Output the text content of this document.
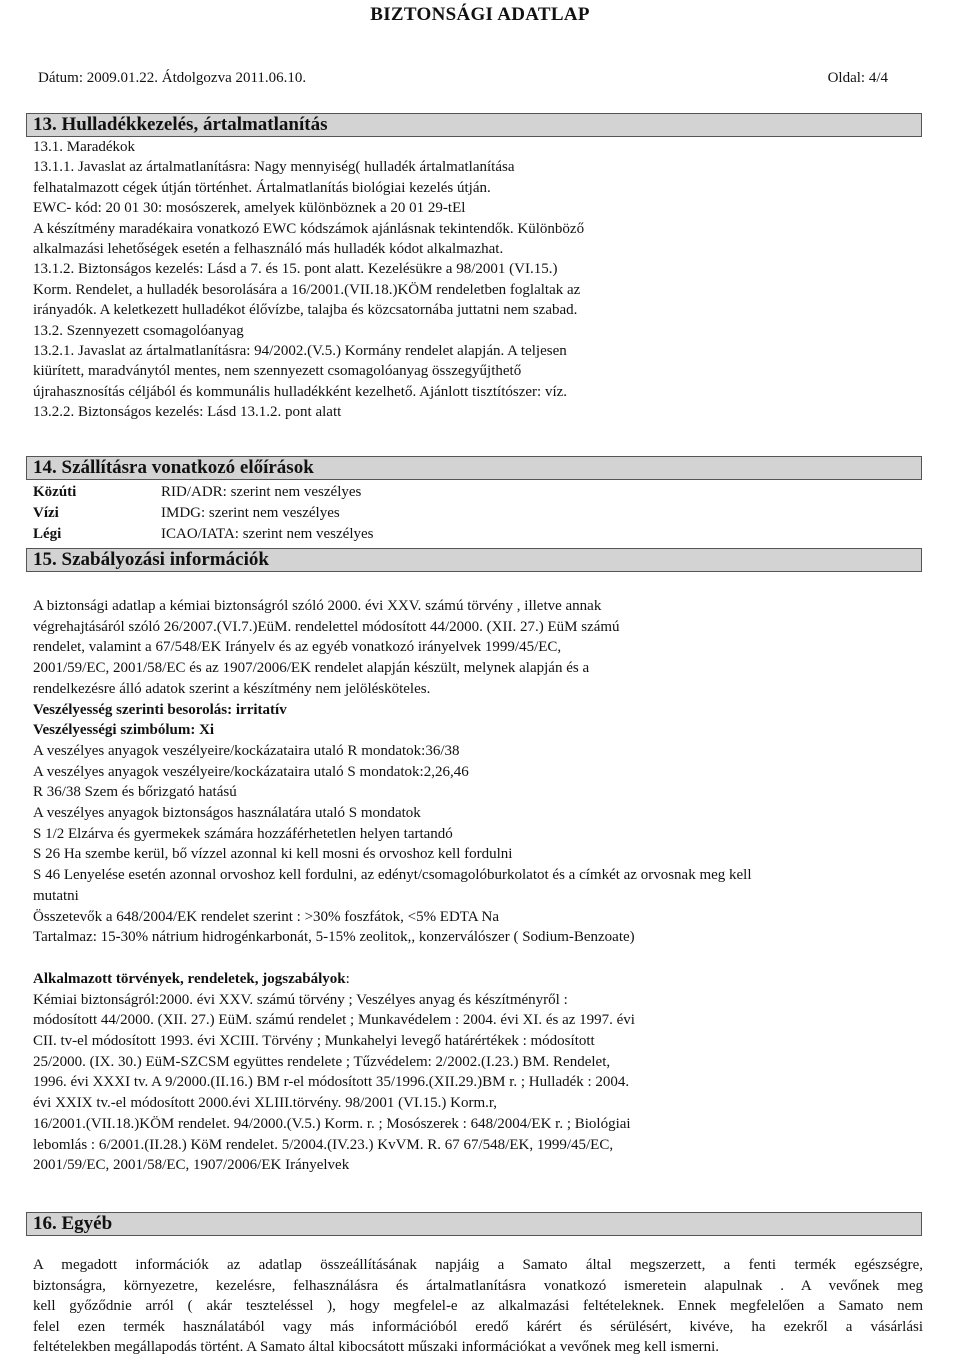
BIZTONSÁGI ADATLAP
Dátum: 2009.01.22. Átdolgozva 2011.06.10.	Oldal: 4/4
13. Hulladékkezelés, ártalmatlanítás

13.1. Maradékok

13.1.1. Javaslat az ártalmatlanításra: Nagy mennyiség( hulladék ártalmatlanítása

felhatalmazott cégek útján történhet. Ártalmatlanítás biológiai kezelés útján.

EWC- kód: 20 01 30: mosószerek, amelyek különböznek a 20 01 29-tEl

A készítmény maradékaira vonatkozó EWC kódszámok ajánlásnak tekintendők. Különböző

alkalmazási lehetőségek esetén a felhasználó más hulladék kódot alkalmazhat.

13.1.2. Biztonságos kezelés: Lásd a 7. és 15. pont alatt. Kezelésükre a 98/2001 (VI.15.)

Korm. Rendelet, a hulladék besorolására a 16/2001.(VII.18.)KÖM rendeletben foglaltak az

irányadók. A keletkezett hulladékot élővízbe, talajba és közcsatornába juttatni nem szabad.

13.2. Szennyezett csomagolóanyag

13.2.1. Javaslat az ártalmatlanításra: 94/2002.(V.5.) Kormány rendelet alapján. A teljesen

kiürített, maradványtól mentes, nem szennyezett csomagolóanyag összegyűjthető

újrahasznosítás céljából és kommunális hulladékként kezelhető. Ajánlott tisztítószer: víz.

13.2.2. Biztonságos kezelés: Lásd 13.1.2. pont alatt

14. Szállításra vonatkozó előírások
Közúti	RID/ADR: szerint nem veszélyes
Vízi	IMDG: szerint nem veszélyes
Légi	ICAO/IATA: szerint nem veszélyes
15. Szabályozási információk

A biztonsági adatlap a kémiai biztonságról szóló 2000. évi XXV. számú törvény , illetve annak

végrehajtásáról szóló 26/2007.(VI.7.)EüM. rendelettel módosított 44/2000. (XII. 27.) EüM számú

rendelet, valamint a 67/548/EK Irányelv és az egyéb vonatkozó irányelvek 1999/45/EC,

2001/59/EC, 2001/58/EC és az 1907/2006/EK rendelet alapján készült, melynek alapján és a

rendelkezésre álló adatok szerint a készítmény nem jelölésköteles.

Veszélyesség szerinti besorolás: irritatív

Veszélyességi szimbólum: Xi

A veszélyes anyagok veszélyeire/kockázataira utaló R mondatok:36/38

A veszélyes anyagok veszélyeire/kockázataira utaló S mondatok:2,26,46

R 36/38 Szem és bőrizgató hatású

A veszélyes anyagok biztonságos használatára utaló S mondatok

S 1/2 Elzárva és gyermekek számára hozzáférhetetlen helyen tartandó

S 26 Ha szembe kerül, bő vízzel azonnal ki kell mosni és orvoshoz kell fordulni

S 46 Lenyelése esetén azonnal orvoshoz kell fordulni, az edényt/csomagolóburkolatot és a címkét az orvosnak meg kell

mutatni

Összetevők a 648/2004/EK rendelet szerint : >30% foszfátok, <5% EDTA Na

Tartalmaz: 15-30% nátrium hidrogénkarbonát, 5-15% zeolitok,, konzerválószer ( Sodium-Benzoate)

Alkalmazott törvények, rendeletek, jogszabályok:

Kémiai biztonságról:2000. évi XXV. számú törvény ; Veszélyes anyag és készítményről :

módosított 44/2000. (XII. 27.) EüM. számú rendelet ; Munkavédelem : 2004. évi XI. és az 1997. évi

CII. tv-el módosított 1993. évi XCIII. Törvény ; Munkahelyi levegő határértékek : módosított

25/2000. (IX. 30.) EüM-SZCSM együttes rendelete ; Tűzvédelem: 2/2002.(I.23.) BM. Rendelet,

1996. évi XXXI tv. A 9/2000.(II.16.) BM r-el módosított 35/1996.(XII.29.)BM r. ; Hulladék : 2004.

évi XXIX tv.-el módosított 2000.évi XLIII.törvény. 98/2001 (VI.15.) Korm.r,

16/2001.(VII.18.)KÖM rendelet. 94/2000.(V.5.) Korm. r. ; Mosószerek : 648/2004/EK r. ; Biológiai

lebomlás : 6/2001.(II.28.) KöM rendelet. 5/2004.(IV.23.) KvVM. R. 67 67/548/EK, 1999/45/EC,

2001/59/EC, 2001/58/EC, 1907/2006/EK Irányelvek

16. Egyéb

A megadott információk az adatlap összeállításának napjáig a Samato által megszerzett, a fenti termék egészségre,

biztonságra, környezetre, kezelésre, felhasználásra és ártalmatlanításra vonatkozó ismeretein alapulnak . A vevőnek meg

kell győződnie arról ( akár teszteléssel ), hogy megfelel-e az alkalmazási feltételeknek. Ennek megfelelően a Samato nem

felel ezen termék használatából vagy más információból eredő kárért és sérülésért, kivéve, ha ezekről a vásárlási

feltételekben megállapodás történt. A Samato által kibocsátott műszaki információkat a vevőnek meg kell ismerni.
